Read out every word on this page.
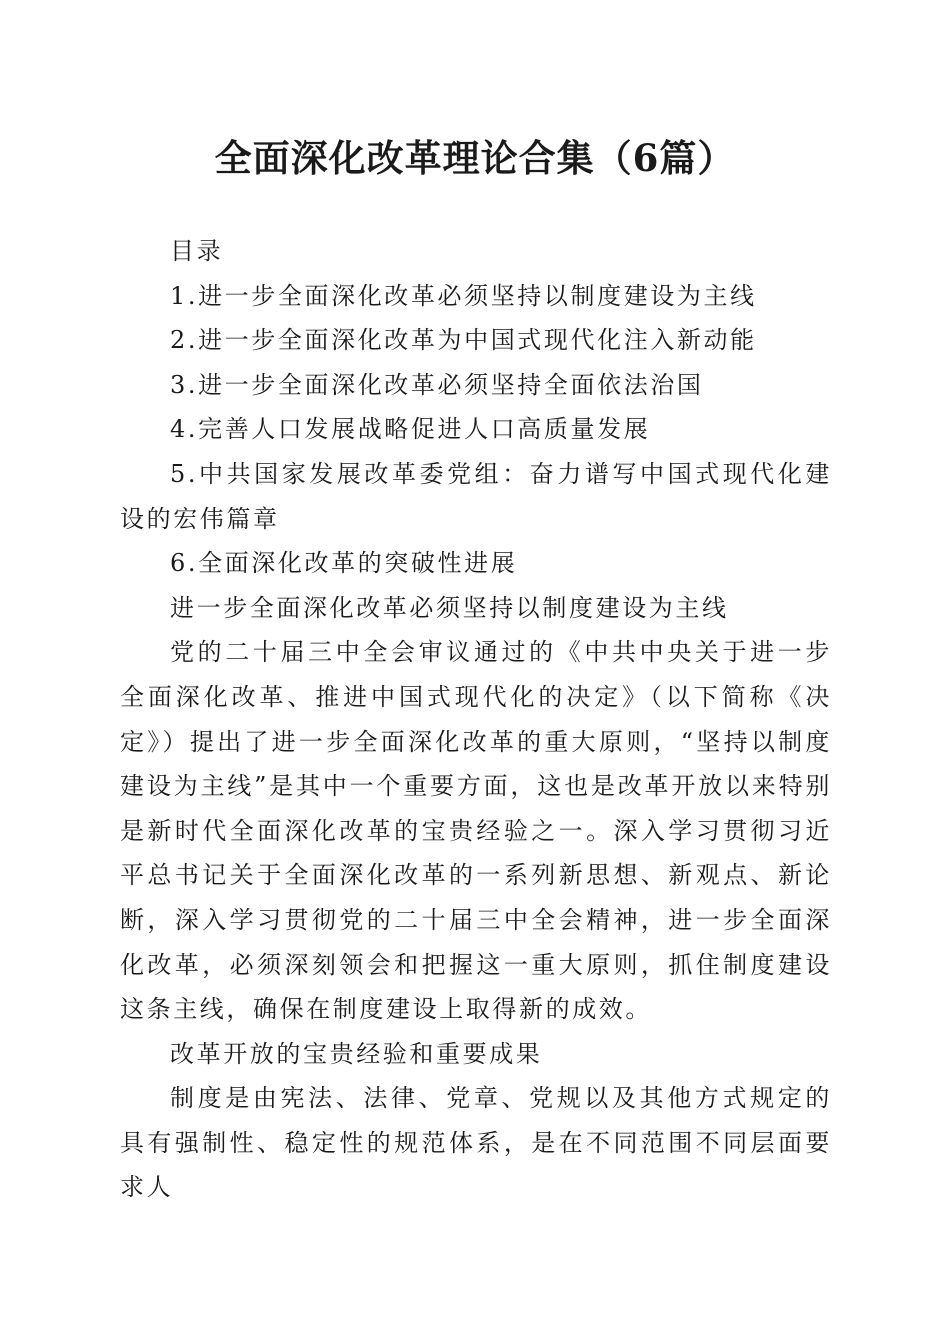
全面深化改革理论合集（6篇）

目录

1.进一步全面深化改革必须坚持以制度建设为主线

2.进一步全面深化改革为中国式现代化注入新动能

3.进一步全面深化改革必须坚持全面依法治国

4.完善人口发展战略促进人口高质量发展

5.中共国家发展改革委党组：奋力谱写中国式现代化建设的宏伟篇章

6.全面深化改革的突破性进展

进一步全面深化改革必须坚持以制度建设为主线

党的二十届三中全会审议通过的《中共中央关于进一步全面深化改革、推进中国式现代化的决定》（以下简称《决定》）提出了进一步全面深化改革的重大原则，“坚持以制度建设为主线”是其中一个重要方面，这也是改革开放以来特别是新时代全面深化改革的宝贵经验之一。深入学习贯彻习近平总书记关于全面深化改革的一系列新思想、新观点、新论断，深入学习贯彻党的二十届三中全会精神，进一步全面深化改革，必须深刻领会和把握这一重大原则，抓住制度建设这条主线，确保在制度建设上取得新的成效。

改革开放的宝贵经验和重要成果

制度是由宪法、法律、党章、党规以及其他方式规定的具有强制性、稳定性的规范体系，是在不同范围不同层面要求人
